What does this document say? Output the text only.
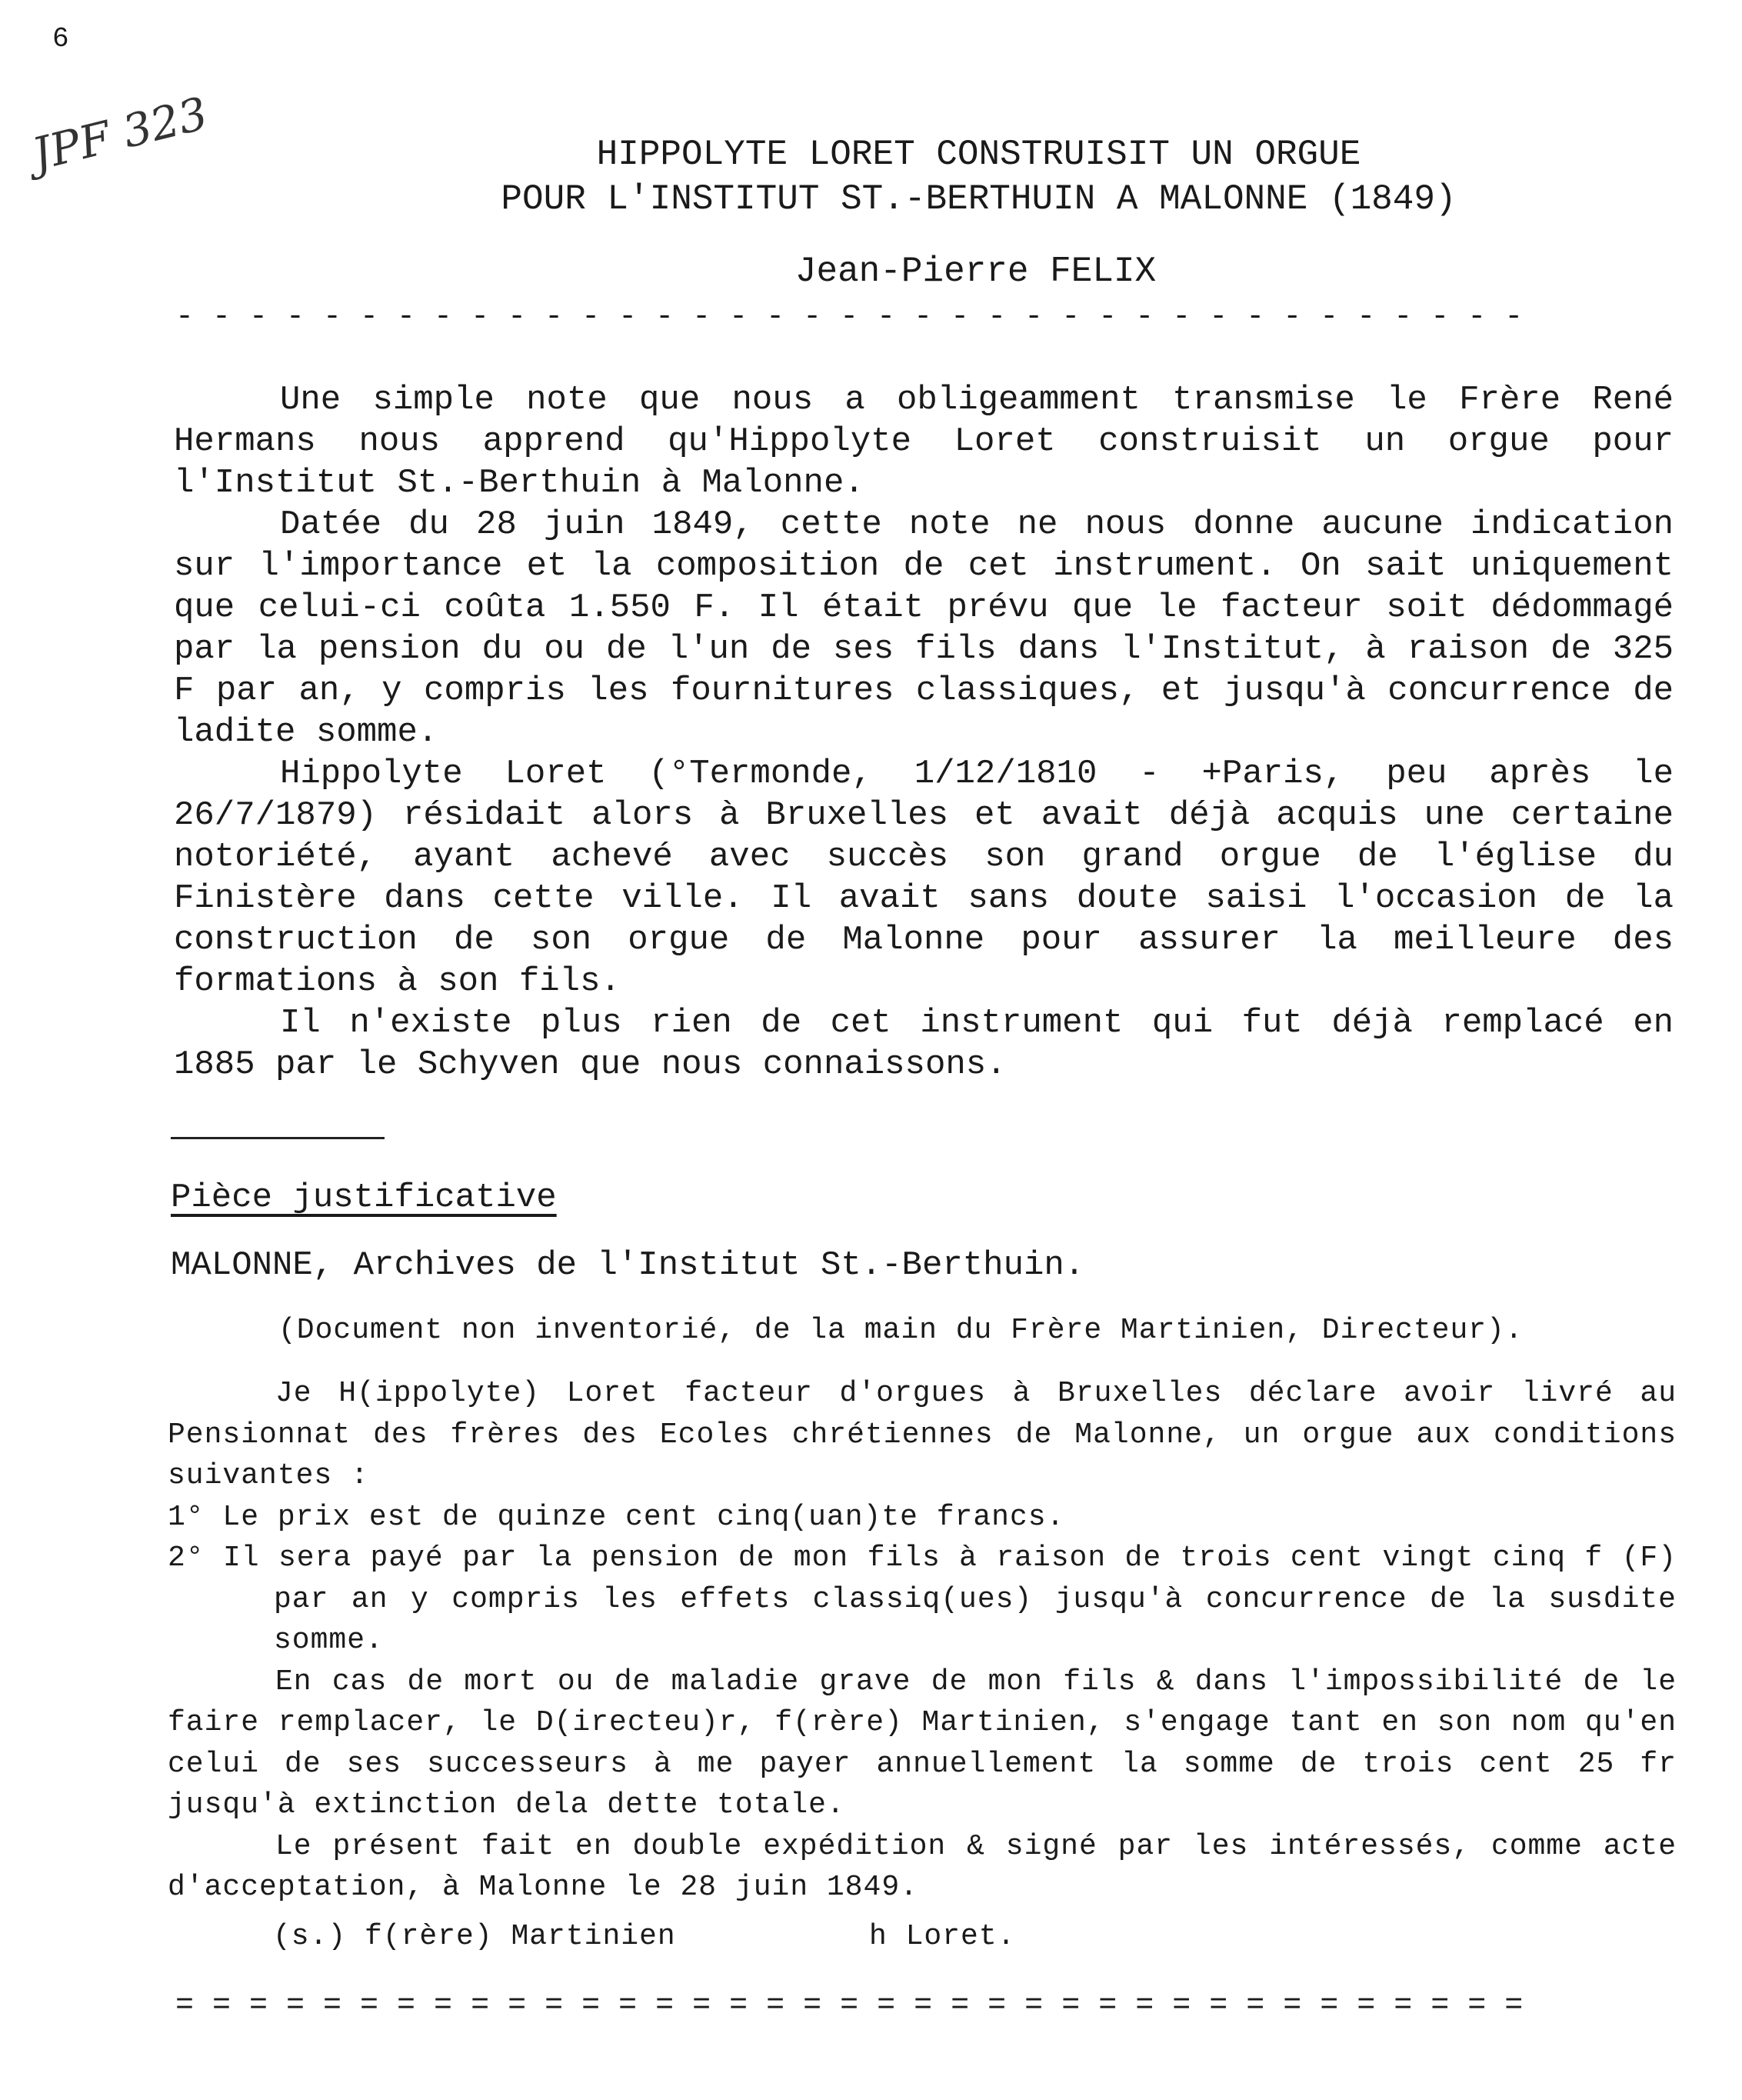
6
JPF 323	HIPPOLYTE LORET CONSTRUISIT UN ORGUE
POUR L'INSTITUT ST.-BERTHUIN A MALONNE (1849)
Jean-Pierre FELIX
- - - - - - - - - - - - - - - - - - - - - - - - - - - - - - - - - - - - -

Une simple note que nous a obligeamment transmise le Frère René Hermans nous apprend qu'Hippolyte Loret construisit un orgue pour l'Institut St.-Berthuin à Malonne.

Datée du 28 juin 1849, cette note ne nous donne aucune indication sur l'importance et la composition de cet instrument. On sait uniquement que celui-ci coûta 1.550 F. Il était prévu que le facteur soit dédommagé par la pension du ou de l'un de ses fils dans l'Institut, à raison de 325 F par an, y compris les fournitures classiques, et jusqu'à concurrence de ladite somme.

Hippolyte Loret (°Termonde, 1/12/1810 - +Paris, peu après le 26/7/1879) résidait alors à Bruxelles et avait déjà acquis une certaine notoriété, ayant achevé avec succès son grand orgue de l'église du Finistère dans cette ville. Il avait sans doute saisi l'occasion de la construction de son orgue de Malonne pour assurer la meilleure des formations à son fils.

Il n'existe plus rien de cet instrument qui fut déjà remplacé en 1885 par le Schyven que nous connaissons.

Pièce justificative
MALONNE, Archives de l'Institut St.-Berthuin.
(Document non inventorié, de la main du Frère Martinien, Directeur).

Je H(ippolyte) Loret facteur d'orgues à Bruxelles déclare avoir livré au Pensionnat des frères des Ecoles chrétiennes de Malonne, un orgue aux conditions suivantes :

1° Le prix est de quinze cent cinq(uan)te francs.

2° Il sera payé par la pension de mon fils à raison de trois cent vingt cinq f (F) par an y compris les effets classiq(ues) jusqu'à concurrence de la susdite somme.

En cas de mort ou de maladie grave de mon fils & dans l'impossibilité de le faire remplacer, le D(irecteu)r, f(rère) Martinien, s'engage tant en son nom qu'en celui de ses successeurs à me payer annuellement la somme de trois cent 25 fr jusqu'à extinction dela dette totale.

Le présent fait en double expédition & signé par les intéressés, comme acte d'acceptation, à Malonne le 28 juin 1849.

(s.) f(rère) Martinien	h Loret.
= = = = = = = = = = = = = = = = = = = = = = = = = = = = = = = = = = = = =
